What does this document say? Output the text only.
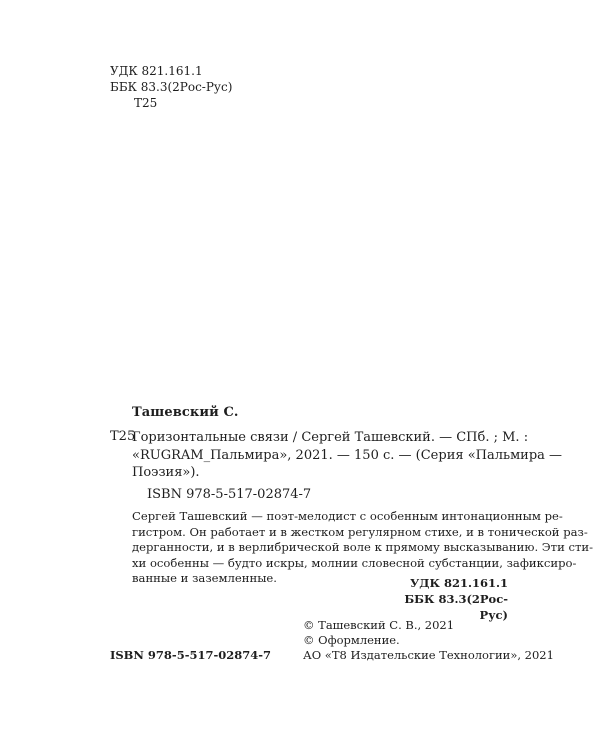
УДК 821.161.1
ББК 83.3(2Рос-Рус)
Т25
Ташевский С.
Т25
Горизонтальные связи / Сергей Ташевский. — СПб. ; М. :
«RUGRAM_Пальмира», 2021. — 150 с. — (Серия «Пальмира —
Поэзия»).
ISBN 978-5-517-02874-7
Сергей Ташевский — поэт-мелодист с особенным интонационным ре-
гистром. Он работает и в жестком регулярном стихе, и в тонической раз-
дерганности, и в верлибрической воле к прямому высказыванию. Эти сти-
хи особенны — будто искры, молнии словесной субстанции, зафиксиро-
ванные и заземленные.	УДК 821.161.1
ББК 83.3(2Рос-Рус)
© Ташевский С. В., 2021
© Оформление.
АО «Т8 Издательские Технологии», 2021
ISBN 978-5-517-02874-7
